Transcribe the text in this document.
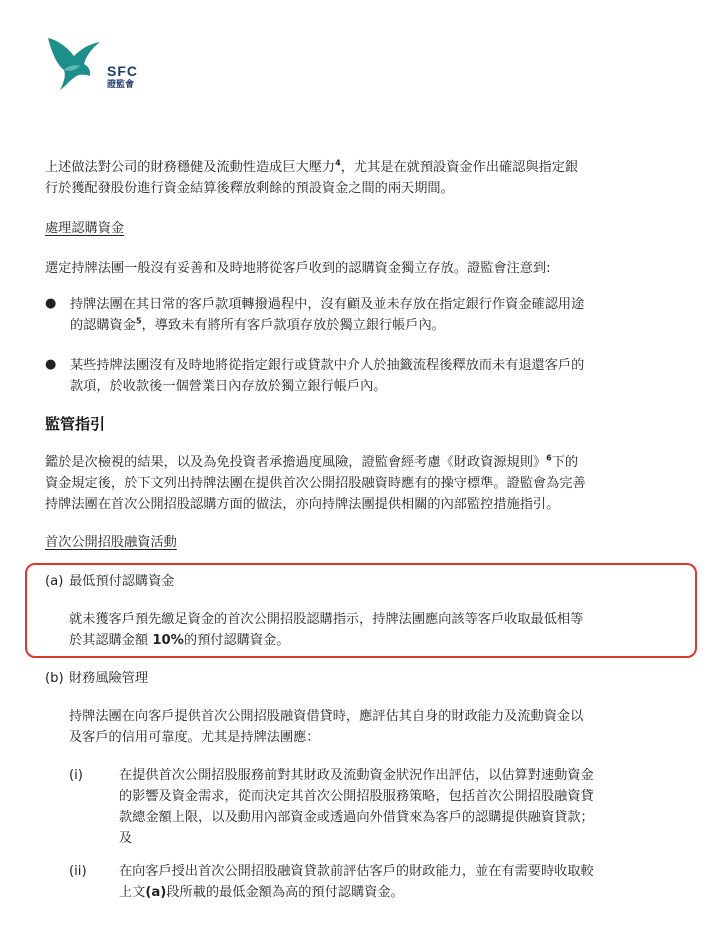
SFC
證監會
上述做法對公司的財務穩健及流動性造成巨大壓力$^4$，尤其是在就預設資金作出確認與指定銀
行於獲配發股份進行資金結算後釋放剩餘的預設資金之間的兩天期間。
處理認購資金
選定持牌法團一般沒有妥善和及時地將從客戶收到的認購資金獨立存放。證監會注意到:
● 持牌法團在其日常的客戶款項轉撥過程中，沒有顧及並未存放在指定銀行作資金確認用途
的認購資金$^5$，導致未有將所有客戶款項存放於獨立銀行帳戶內。
● 某些持牌法團沒有及時地將從指定銀行或貸款中介人於抽籤流程後釋放而未有退還客戶的
款項，於收款後一個營業日內存放於獨立銀行帳戶內。
監管指引
鑑於是次檢視的結果，以及為免投資者承擔過度風險，證監會經考慮《財政資源規則》$^6$下的
資金規定後，於下文列出持牌法團在提供首次公開招股融資時應有的操守標準。證監會為完善
持牌法團在首次公開招股認購方面的做法，亦向持牌法團提供相關的內部監控措施指引。
首次公開招股融資活動
(a) 最低預付認購資金
就未獲客戶預先繳足資金的首次公開招股認購指示，持牌法團應向該等客戶收取最低相等
於其認購金額 10%的預付認購資金。
(b) 財務風險管理
持牌法團在向客戶提供首次公開招股融資借貸時，應評估其自身的財政能力及流動資金以
及客戶的信用可靠度。尤其是持牌法團應：
(i)	在提供首次公開招股服務前對其財政及流動資金狀況作出評估，以估算對速動資金
的影響及資金需求，從而決定其首次公開招股服務策略，包括首次公開招股融資貸
款總金額上限，以及動用內部資金或透過向外借貸來為客戶的認購提供融資貸款；
及
(ii) 在向客戶授出首次公開招股融資貸款前評估客戶的財政能力，並在有需要時收取較
上文(a)段所載的最低金額為高的預付認購資金。
